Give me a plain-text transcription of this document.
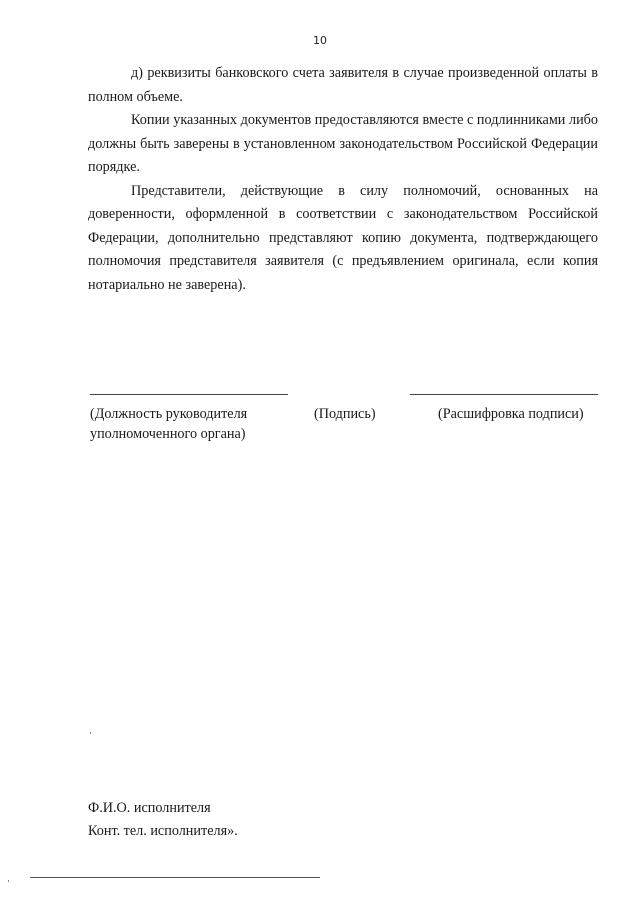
10

д) реквизиты банковского счета заявителя в случае произведенной оплаты в полном объеме.

Копии указанных документов предоставляются вместе с подлинниками либо должны быть заверены в установленном законодательством Российской Федерации порядке.

Представители, действующие в силу полномочий, основанных на доверенности, оформленной в соответствии с законодательством Российской Федерации, дополнительно представляют копию документа, подтверждающего полномочия представителя заявителя (с предъявлением оригинала, если копия нотариально не заверена).

(Должность руководителя уполномоченного органа)
(Подпись)	(Расшифровка подписи)
Ф.И.О. исполнителя
Конт. тел. исполнителя».
